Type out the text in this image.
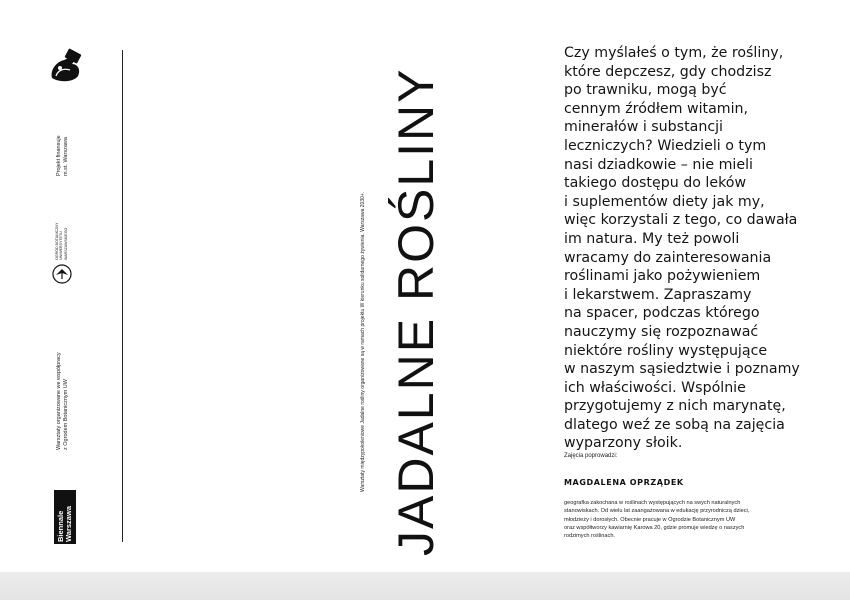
Projekt finansuje
m.st. Warszawa
OGRÓD BOTANICZNY
UNIWERSYTETU
WARSZAWSKIEGO
Warsztaty organizowane we współpracy
z Ogrodem Botanicznym UW
Biennale
Warszawa
Warsztaty międzypokoleniowe Jadalne rośliny organizowane są w ramach projektu W kierunku solidarnego żywienia. Warszawa 2030+. JADALNE ROŚLINY
Czy myślałeś o tym, że rośliny,
które depczesz, gdy chodzisz
po trawniku, mogą być
cennym źródłem witamin,
minerałów i substancji
leczniczych? Wiedzieli o tym
nasi dziadkowie – nie mieli
takiego dostępu do leków
i suplementów diety jak my,
więc korzystali z tego, co dawała
im natura. My też powoli
wracamy do zainteresowania
roślinami jako pożywieniem
i lekarstwem. Zapraszamy
na spacer, podczas którego
nauczymy się rozpoznawać
niektóre rośliny występujące
w naszym sąsiedztwie i poznamy
ich właściwości. Wspólnie
przygotujemy z nich marynatę,
dlatego weź ze sobą na zajęcia
wyparzony słoik.
Zajęcia poprowadzi:
MAGDALENA OPRZĄDEK
geografka zakochana w roślinach występujących na swych naturalnych
stanowiskach. Od wielu lat zaangażowana w edukację przyrodniczą dzieci,
młodzieży i dorosłych. Obecnie pracuje w Ogrodzie Botanicznym UW
oraz współtworzy kawiarnię Karowa 20, gdzie promuje wiedzę o naszych
rodzimych roślinach.
